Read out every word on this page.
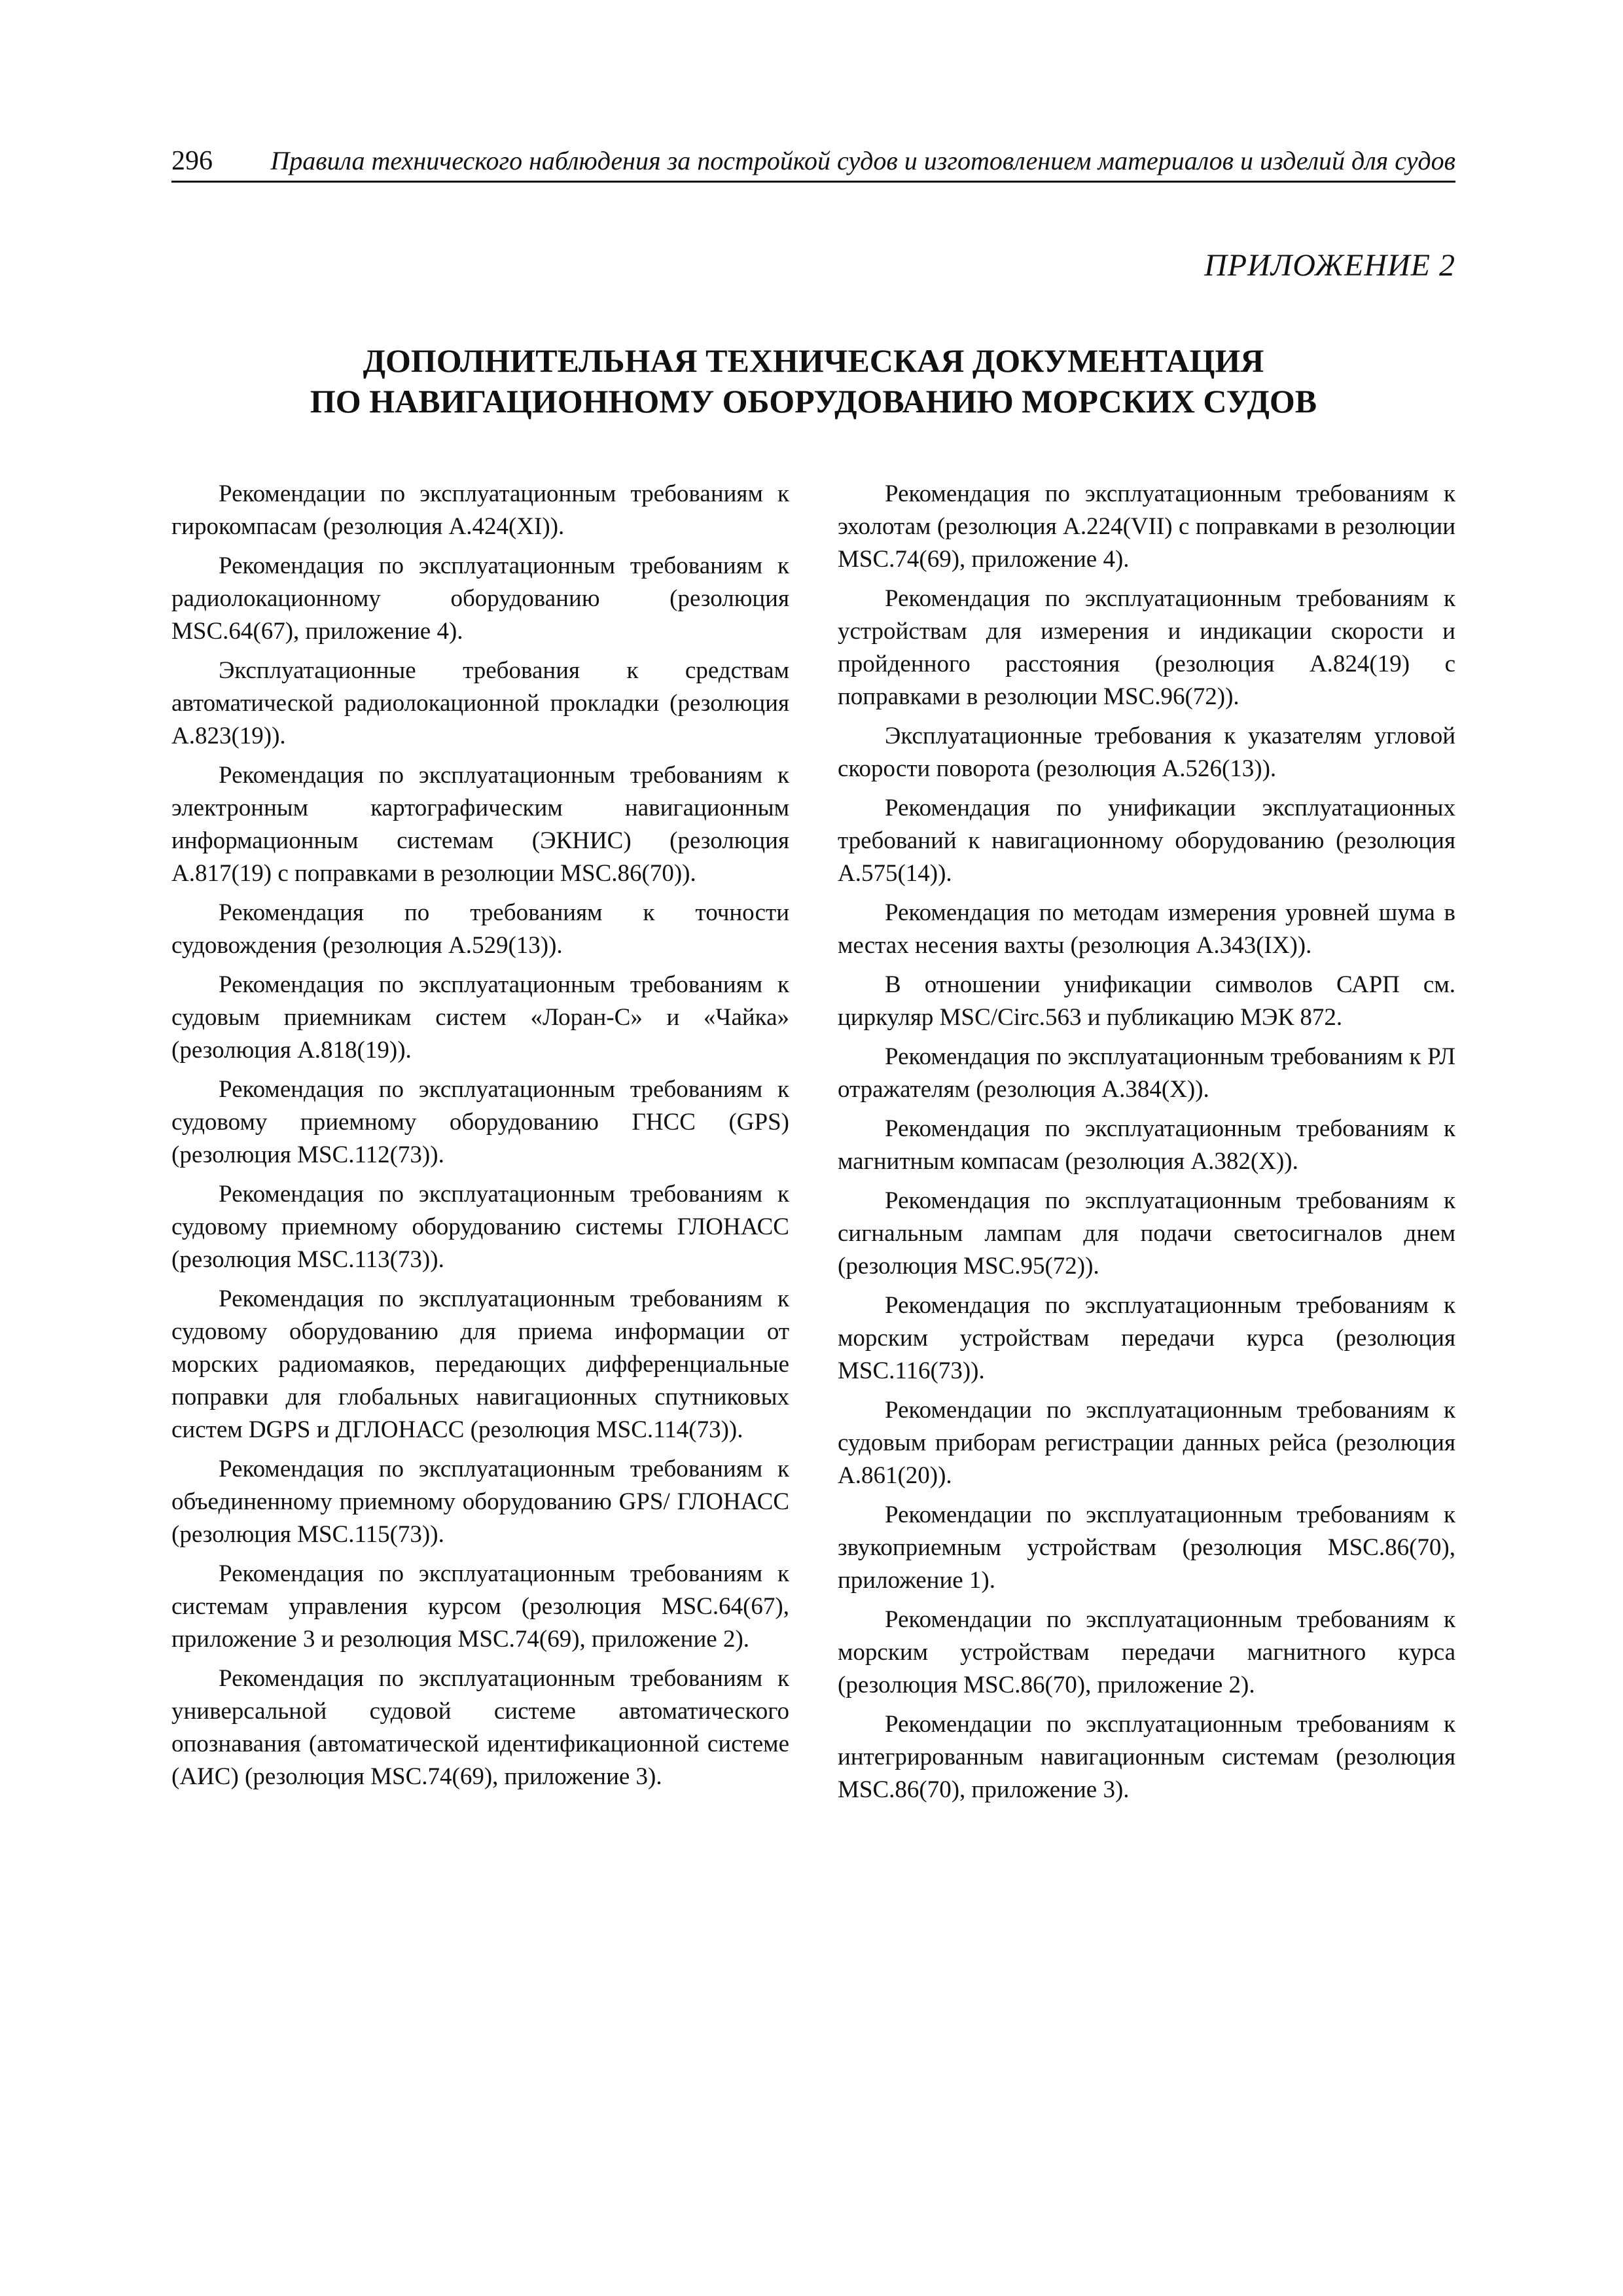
296 Правила технического наблюдения за постройкой судов и изготовлением материалов и изделий для судов
ПРИЛОЖЕНИЕ 2
ДОПОЛНИТЕЛЬНАЯ ТЕХНИЧЕСКАЯ ДОКУМЕНТАЦИЯ
ПО НАВИГАЦИОННОМУ ОБОРУДОВАНИЮ МОРСКИХ СУДОВ

Рекомендации по эксплуатационным требованиям к гирокомпасам (резолюция А.424(ХI)).

Рекомендация по эксплуатационным требованиям к радиолокационному оборудованию (резолюция MSC.64(67), приложение 4).

Эксплуатационные требования к средствам автоматической радиолокационной прокладки (резолюция А.823(19)).

Рекомендация по эксплуатационным требованиям к электронным картографическим навигационным информационным системам (ЭКНИС) (резолюция А.817(19) с поправками в резолюции MSC.86(70)).

Рекомендация по требованиям к точности судовождения (резолюция А.529(13)).

Рекомендация по эксплуатационным требованиям к судовым приемникам систем «Лоран-С» и «Чайка» (резолюция А.818(19)).

Рекомендация по эксплуатационным требованиям к судовому приемному оборудованию ГНСС (GPS) (резолюция MSC.112(73)).

Рекомендация по эксплуатационным требованиям к судовому приемному оборудованию системы ГЛОНАСС (резолюция MSC.113(73)).

Рекомендация по эксплуатационным требованиям к судовому оборудованию для приема информации от морских радиомаяков, передающих дифференциальные поправки для глобальных навигационных спутниковых систем DGPS и ДГЛОНАСС (резолюция MSC.114(73)).

Рекомендация по эксплуатационным требованиям к объединенному приемному оборудованию GPS/ ГЛОНАСС (резолюция MSC.115(73)).

Рекомендация по эксплуатационным требованиям к системам управления курсом (резолюция MSC.64(67), приложение 3 и резолюция MSC.74(69), приложение 2).

Рекомендация по эксплуатационным требованиям к универсальной судовой системе автоматического опознавания (автоматической идентификационной системе (АИС) (резолюция MSC.74(69), приложение 3).

Рекомендация по эксплуатационным требованиям к эхолотам (резолюция А.224(VII) с поправками в резолюции MSC.74(69), приложение 4).

Рекомендация по эксплуатационным требованиям к устройствам для измерения и индикации скорости и пройденного расстояния (резолюция А.824(19) с поправками в резолюции MSC.96(72)).

Эксплуатационные требования к указателям угловой скорости поворота (резолюция А.526(13)).

Рекомендация по унификации эксплуатационных требований к навигационному оборудованию (резолюция А.575(14)).

Рекомендация по методам измерения уровней шума в местах несения вахты (резолюция А.343(IX)).

В отношении унификации символов САРП см. циркуляр MSC/Circ.563 и публикацию МЭК 872.

Рекомендация по эксплуатационным требованиям к РЛ отражателям (резолюция А.384(Х)).

Рекомендация по эксплуатационным требованиям к магнитным компасам (резолюция А.382(Х)).

Рекомендация по эксплуатационным требованиям к сигнальным лампам для подачи светосигналов днем (резолюция MSC.95(72)).

Рекомендация по эксплуатационным требованиям к морским устройствам передачи курса (резолюция MSC.116(73)).

Рекомендации по эксплуатационным требованиям к судовым приборам регистрации данных рейса (резолюция А.861(20)).

Рекомендации по эксплуатационным требованиям к звукоприемным устройствам (резолюция MSC.86(70), приложение 1).

Рекомендации по эксплуатационным требованиям к морским устройствам передачи магнитного курса (резолюция MSC.86(70), приложение 2).

Рекомендации по эксплуатационным требованиям к интегрированным навигационным системам (резолюция MSC.86(70), приложение 3).
